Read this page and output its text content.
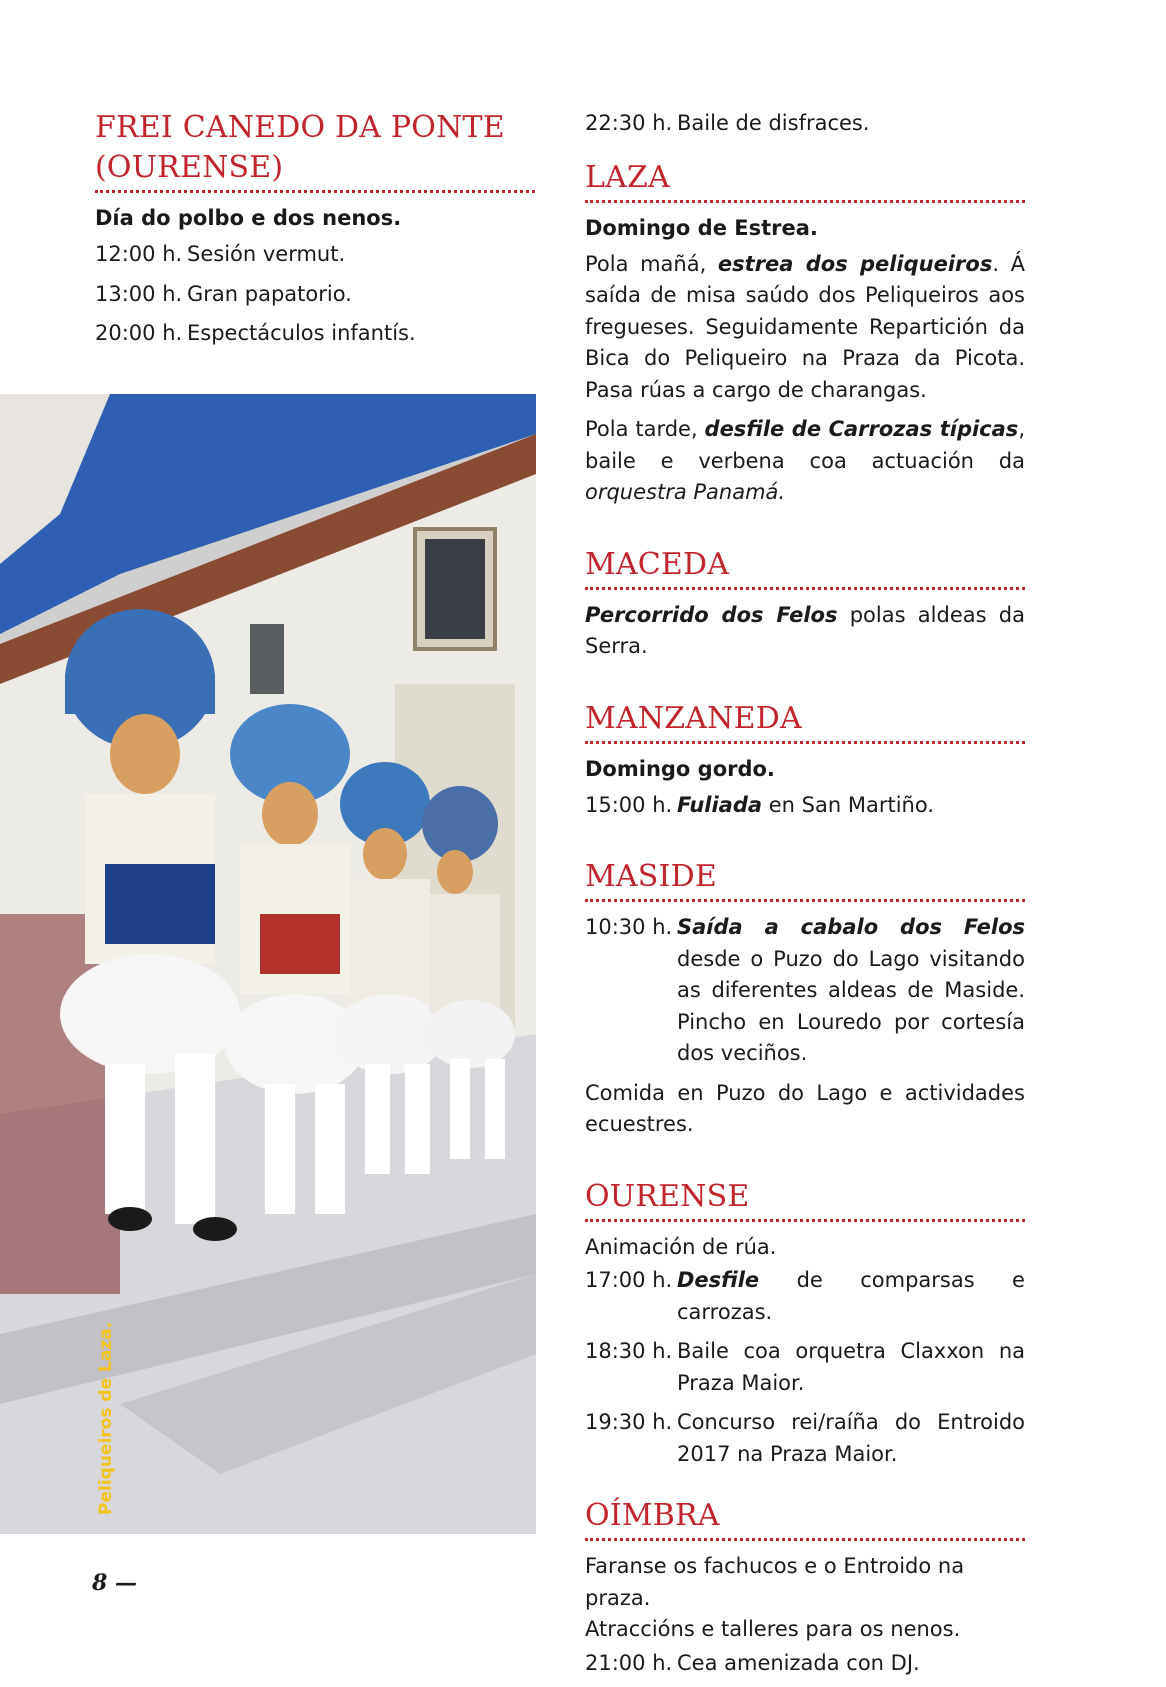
FREI CANEDO DA PONTE
(OURENSE)
Día do polbo e dos nenos.
12:00 h. Sesión vermut.
13:00 h. Gran papatorio.
20:00 h. Espectáculos infantís.
Peliqueiros de Laza.
22:30 h. Baile de disfraces.
LAZA
Domingo de Estrea.

Pola mañá, estrea dos peliqueiros. Á saída de misa saúdo dos Peliqueiros aos fregueses. Seguidamente Repartición da Bica do Peliqueiro na Praza da Picota. Pasa rúas a cargo de charangas.

Pola tarde, desfile de Carrozas típicas, baile e verbena coa actuación da orquestra Panamá.

MACEDA

Percorrido dos Felos polas aldeas da Serra.

MANZANEDA
Domingo gordo.
15:00 h. Fuliada en San Martiño.
MASIDE
10:30 h. Saída a cabalo dos Felos desde o Puzo do Lago visitando as diferentes aldeas de Maside. Pincho en Louredo por cortesía dos veciños.

Comida en Puzo do Lago e actividades ecuestres.

OURENSE

Animación de rúa.

17:00 h. Desfile de comparsas e carrozas.
18:30 h. Baile coa orquetra Claxxon na Praza Maior.
19:30 h. Concurso rei/raíña do Entroido 2017 na Praza Maior.
OÍMBRA

Faranse os fachucos e o Entroido na praza.

Atraccións e talleres para os nenos.

21:00 h. Cea amenizada con DJ.
8 —
